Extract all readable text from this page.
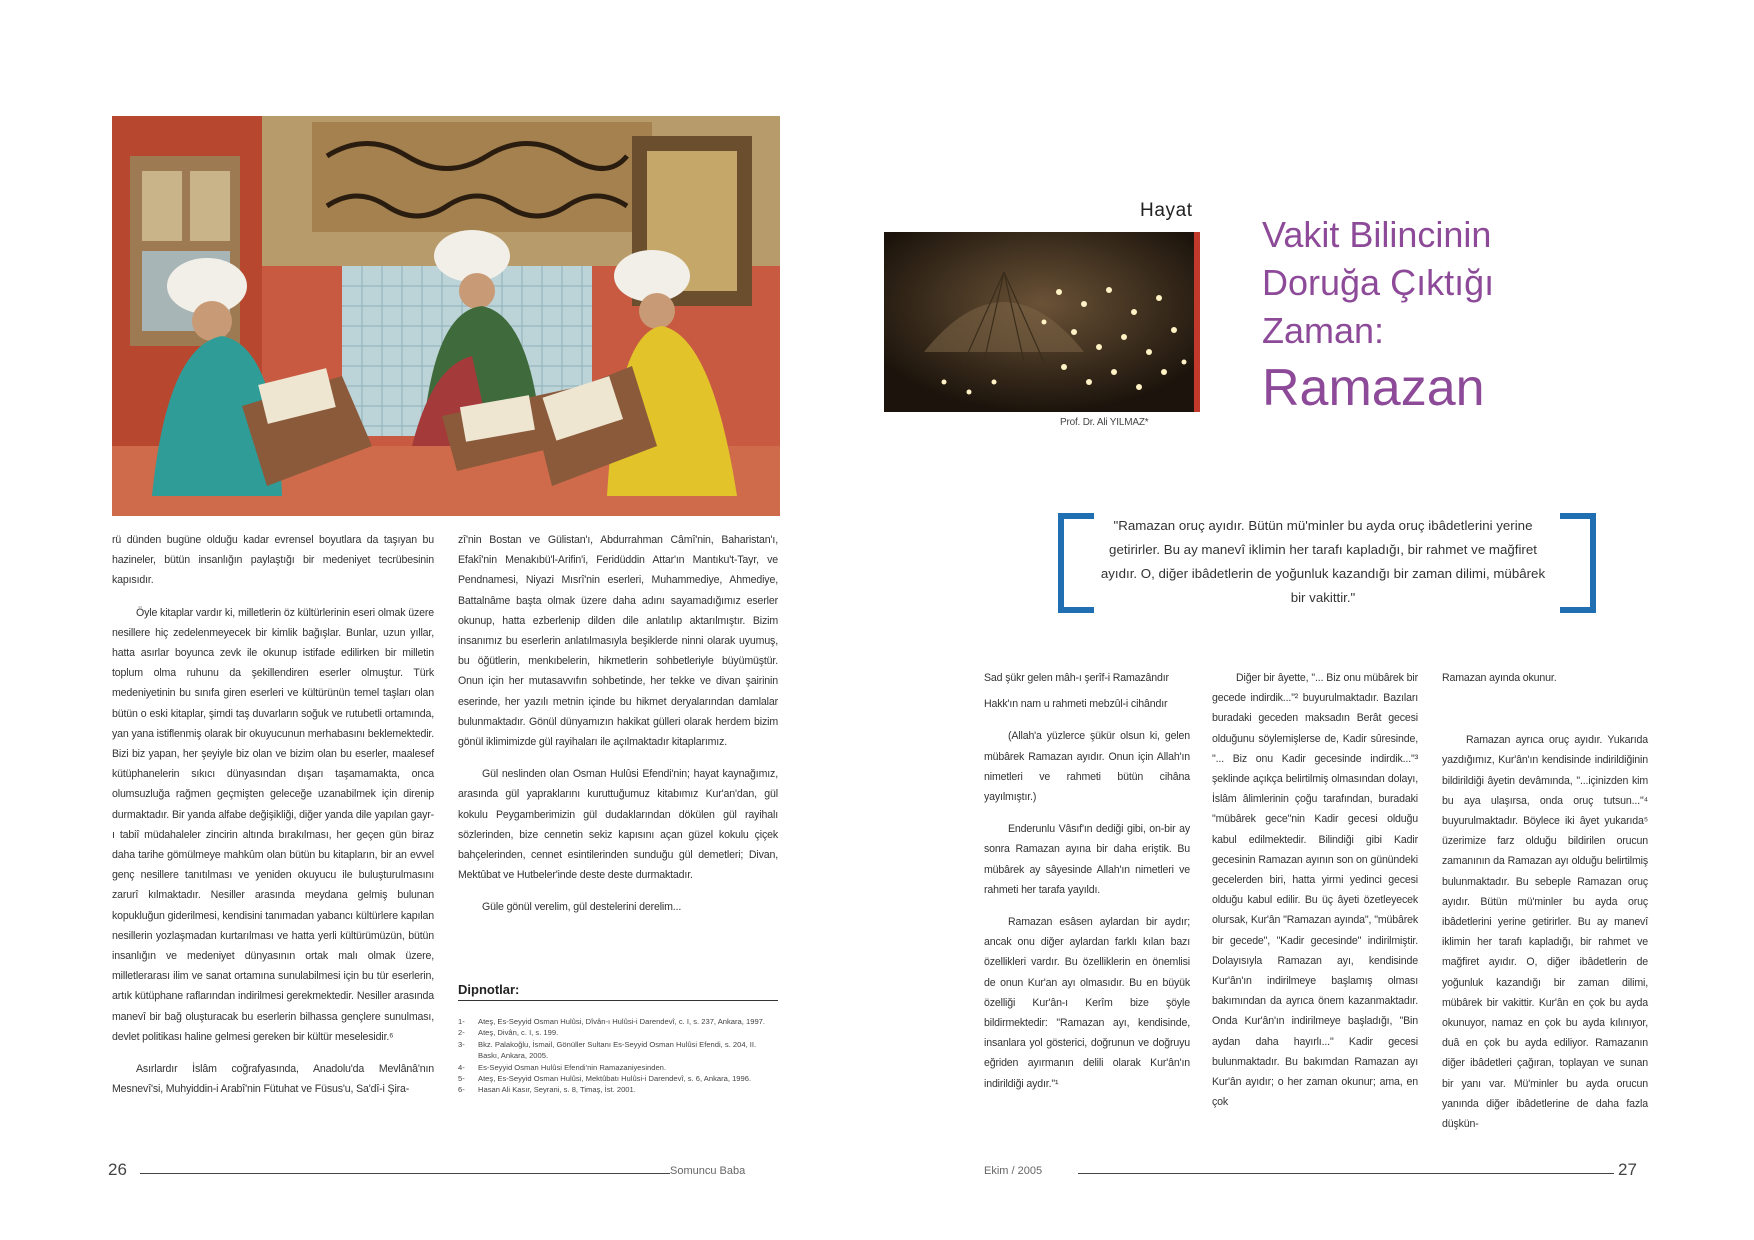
rü dünden bugüne olduğu kadar evrensel boyutlara da taşıyan bu hazineler, bütün insanlığın paylaştığı bir medeniyet tecrübesinin kapısıdır.

Öyle kitaplar vardır ki, milletlerin öz kültürlerinin eseri olmak üzere nesillere hiç zedelenmeyecek bir kimlik bağışlar. Bunlar, uzun yıllar, hatta asırlar boyunca zevk ile okunup istifade edilirken bir milletin toplum olma ruhunu da şekillendiren eserler olmuştur. Türk medeniyetinin bu sınıfa giren eserleri ve kültürünün temel taşları olan bütün o eski kitaplar, şimdi taş duvarların soğuk ve rutubetli ortamında, yan yana istiflenmiş olarak bir okuyucunun merhabasını beklemektedir. Bizi biz yapan, her şeyiyle biz olan ve bizim olan bu eserler, maalesef kütüphanelerin sıkıcı dünyasından dışarı taşamamakta, onca olumsuzluğa rağmen geçmişten geleceğe uzanabilmek için direnip durmaktadır. Bir yanda alfabe değişikliği, diğer yanda dile yapılan gayr-ı tabiî müdahaleler zincirin altında bırakılması, her geçen gün biraz daha tarihe gömülmeye mahkûm olan bütün bu kitapların, bir an evvel genç nesillere tanıtılması ve yeniden okuyucu ile buluşturulmasını zarurî kılmaktadır. Nesiller arasında meydana gelmiş bulunan kopukluğun giderilmesi, kendisini tanımadan yabancı kültürlere kapılan nesillerin yozlaşmadan kurtarılması ve hatta yerli kültürümüzün, bütün insanlığın ve medeniyet dünyasının ortak malı olmak üzere, milletlerarası ilim ve sanat ortamına sunulabilmesi için bu tür eserlerin, artık kütüphane raflarından indirilmesi gerekmektedir. Nesiller arasında manevî bir bağ oluşturacak bu eserlerin bilhassa gençlere sunulması, devlet politikası haline gelmesi gereken bir kültür meselesidir.⁶

Asırlardır İslâm coğrafyasında, Anadolu'da Mevlânâ'nın Mesnevî'si, Muhyiddin-i Arabî'nin Fütuhat ve Füsus'u, Sa'dî-i Şira-

zî'nin Bostan ve Gülistan'ı, Abdurrahman Câmî'nin, Baharistan'ı, Efakî'nin Menakıbü'l-Arifin'i, Feridüddin Attar'ın Mantıku't-Tayr, ve Pendnamesi, Niyazi Mısrî'nin eserleri, Muhammediye, Ahmediye, Battalnâme başta olmak üzere daha adını sayamadığımız eserler okunup, hatta ezberlenip dilden dile anlatılıp aktarılmıştır. Bizim insanımız bu eserlerin anlatılmasıyla beşiklerde ninni olarak uyumuş, bu öğütlerin, menkıbelerin, hikmetlerin sohbetleriyle büyümüştür. Onun için her mutasavvıfın sohbetinde, her tekke ve divan şairinin eserinde, her yazılı metnin içinde bu hikmet deryalarından damlalar bulunmaktadır. Gönül dünyamızın hakikat gülleri olarak herdem bizim gönül iklimimizde gül rayihaları ile açılmaktadır kitaplarımız.

Gül neslinden olan Osman Hulûsi Efendi'nin; hayat kaynağımız, arasında gül yapraklarını kuruttuğumuz kitabımız Kur'an'dan, gül kokulu Peygamberimizin gül dudaklarından dökülen gül rayihalı sözlerinden, bize cennetin sekiz kapısını açan güzel kokulu çiçek bahçelerinden, cennet esintilerinden sunduğu gül demetleri; Divan, Mektûbat ve Hutbeler'inde deste deste durmaktadır.

Güle gönül verelim, gül destelerini derelim...

Dipnotlar:
1-	Ateş, Es-Seyyid Osman Hulûsi, Dîvân-ı Hulûsi-i Darendevî, c. I, s. 237, Ankara, 1997.
2-	Ateş, Divân, c. I, s. 199.
3-	Bkz. Palakoğlu, İsmail, Gönüller Sultanı Es-Seyyid Osman Hulûsi Efendi, s. 204, II. Baskı, Ankara, 2005.
4-	Es-Seyyid Osman Hulûsi Efendi'nin Ramazaniyesinden.
5-	Ateş, Es-Seyyid Osman Hulûsi, Mektûbatı Hulûsi-i Darendevî, s. 6, Ankara, 1996.
6-	Hasan Ali Kasır, Seyrani, s. 8, Timaş, İst. 2001.
26	Somuncu Baba
Hayat
Prof. Dr. Ali YILMAZ*
Vakit Bilincinin
Doruğa Çıktığı
Zaman:
Ramazan
"Ramazan oruç ayıdır. Bütün mü'minler bu ayda oruç ibâdetlerini yerine
getirirler. Bu ay manevî iklimin her tarafı kapladığı, bir rahmet ve mağfiret
ayıdır. O, diğer ibâdetlerin de yoğunluk kazandığı bir zaman dilimi, mübârek
bir vakittir."

Sad şükr gelen mâh-ı şerîf-i Ramazândır

Hakk'ın nam u rahmeti mebzûl-i cihândır

(Allah'a yüzlerce şükür olsun ki, gelen mübârek Ramazan ayıdır. Onun için Allah'ın nimetleri ve rahmeti bütün cihâna yayılmıştır.)

Enderunlu Vâsıf'ın dediği gibi, on-bir ay sonra Ramazan ayına bir daha eriştik. Bu mübârek ay sâyesinde Allah'ın nimetleri ve rahmeti her tarafa yayıldı.

Ramazan esâsen aylardan bir aydır; ancak onu diğer aylardan farklı kılan bazı özellikleri vardır. Bu özelliklerin en önemlisi de onun Kur'an ayı olmasıdır. Bu en büyük özelliği Kur'ân-ı Kerîm bize şöyle bildirmektedir: "Ramazan ayı, kendisinde, insanlara yol gösterici, doğrunun ve doğruyu eğriden ayırmanın delili olarak Kur'ân'ın indirildiği aydır."¹

Diğer bir âyette, "... Biz onu mübârek bir gecede indirdik..."² buyurulmaktadır. Bazıları buradaki geceden maksadın Berât gecesi olduğunu söylemişlerse de, Kadir sûresinde, "... Biz onu Kadir gecesinde indirdik..."³ şeklinde açıkça belirtilmiş olmasından dolayı, İslâm âlimlerinin çoğu tarafından, buradaki "mübârek gece"nin Kadir gecesi olduğu kabul edilmektedir. Bilindiği gibi Kadir gecesinin Ramazan ayının son on günündeki gecelerden biri, hatta yirmi yedinci gecesi olduğu kabul edilir. Bu üç âyeti özetleyecek olursak, Kur'ân "Ramazan ayında", "mübârek bir gecede", "Kadir gecesinde" indirilmiştir. Dolayısıyla Ramazan ayı, kendisinde Kur'ân'ın indirilmeye başlamış olması bakımından da ayrıca önem kazanmaktadır. Onda Kur'ân'ın indirilmeye başladığı, "Bin aydan daha hayırlı..." Kadir gecesi bulunmaktadır. Bu bakımdan Ramazan ayı Kur'ân ayıdır; o her zaman okunur; ama, en çok

Ramazan ayında okunur.

Ramazan ayrıca oruç ayıdır. Yukarıda yazdığımız, Kur'ân'ın kendisinde indirildiğinin bildirildiği âyetin devâmında, "...içinizden kim bu aya ulaşırsa, onda oruç tutsun..."⁴ buyurulmaktadır. Böylece iki âyet yukarıda⁵ üzerimize farz olduğu bildirilen orucun zamanının da Ramazan ayı olduğu belirtilmiş bulunmaktadır. Bu sebeple Ramazan oruç ayıdır. Bütün mü'minler bu ayda oruç ibâdetlerini yerine getirirler. Bu ay manevî iklimin her tarafı kapladığı, bir rahmet ve mağfiret ayıdır. O, diğer ibâdetlerin de yoğunluk kazandığı bir zaman dilimi, mübârek bir vakittir. Kur'ân en çok bu ayda okunuyor, namaz en çok bu ayda kılınıyor, duâ en çok bu ayda ediliyor. Ramazanın diğer ibâdetleri çağıran, toplayan ve sunan bir yanı var. Mü'minler bu ayda orucun yanında diğer ibâdetlerine de daha fazla düşkün-

Ekim / 2005	27
